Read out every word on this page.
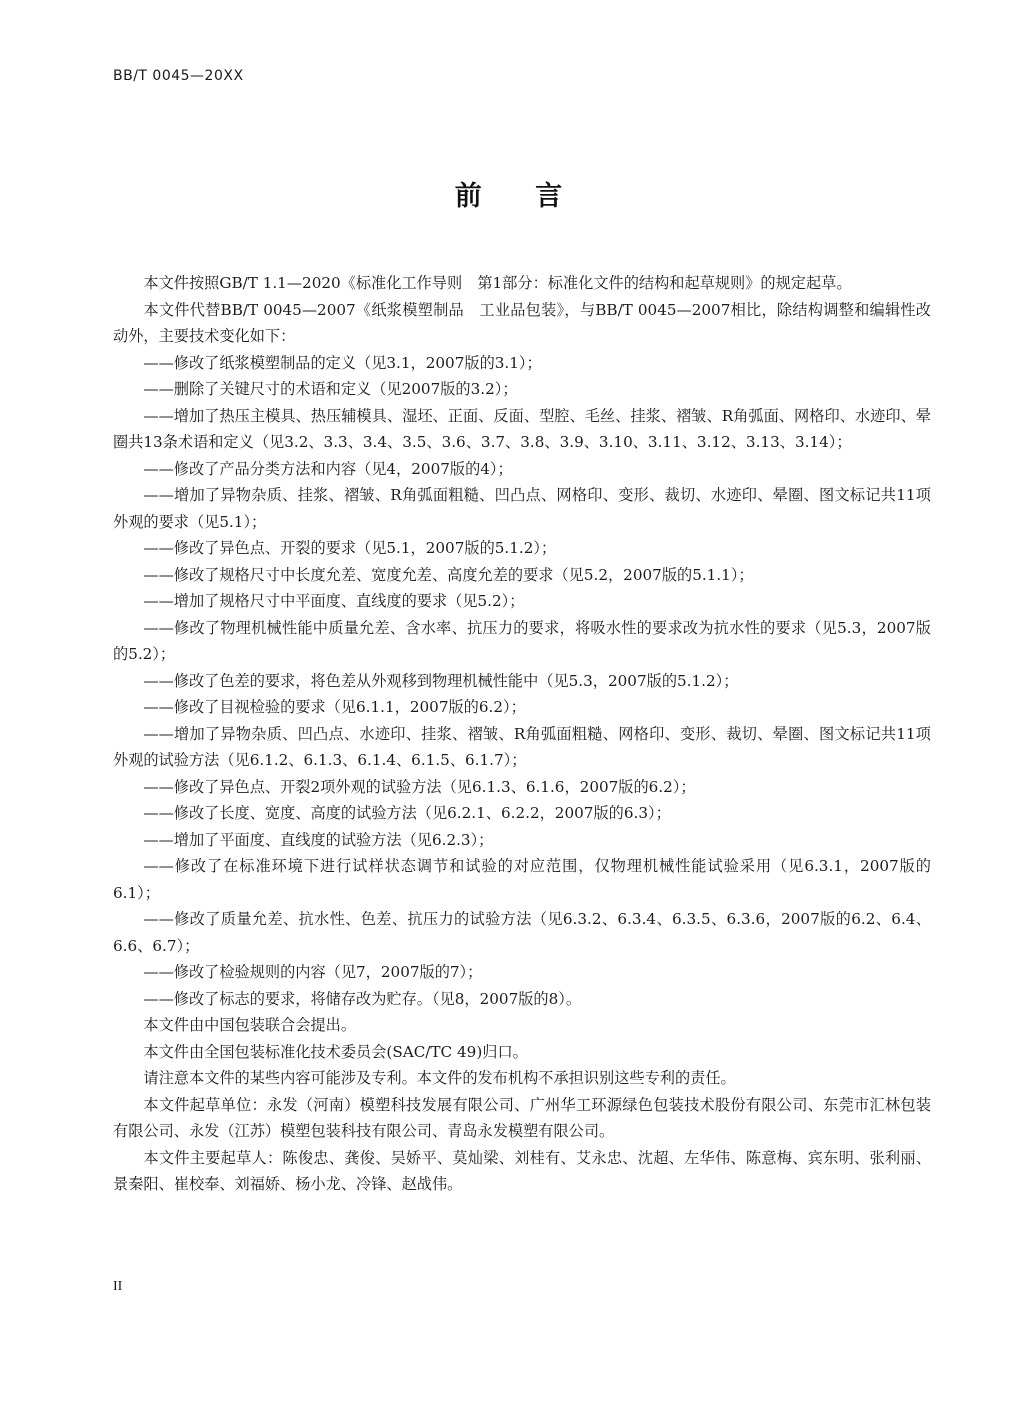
BB/T 0045—20XX
前 言

本文件按照GB/T 1.1—2020《标准化工作导则　第1部分：标准化文件的结构和起草规则》的规定起草。

本文件代替BB/T 0045—2007《纸浆模塑制品　工业品包装》，与BB/T 0045—2007相比，除结构调整和编辑性改动外，主要技术变化如下：

——修改了纸浆模塑制品的定义（见3.1，2007版的3.1）；

——删除了关键尺寸的术语和定义（见2007版的3.2）；

——增加了热压主模具、热压辅模具、湿坯、正面、反面、型腔、毛丝、挂浆、褶皱、R角弧面、网格印、水迹印、晕圈共13条术语和定义（见3.2、3.3、3.4、3.5、3.6、3.7、3.8、3.9、3.10、3.11、3.12、3.13、3.14）；

——修改了产品分类方法和内容（见4，2007版的4）；

——增加了异物杂质、挂浆、褶皱、R角弧面粗糙、凹凸点、网格印、变形、裁切、水迹印、晕圈、图文标记共11项外观的要求（见5.1）；

——修改了异色点、开裂的要求（见5.1，2007版的5.1.2）；

——修改了规格尺寸中长度允差、宽度允差、高度允差的要求（见5.2，2007版的5.1.1）；

——增加了规格尺寸中平面度、直线度的要求（见5.2）；

——修改了物理机械性能中质量允差、含水率、抗压力的要求，将吸水性的要求改为抗水性的要求（见5.3，2007版的5.2）；

——修改了色差的要求，将色差从外观移到物理机械性能中（见5.3，2007版的5.1.2）；

——修改了目视检验的要求（见6.1.1，2007版的6.2）；

——增加了异物杂质、凹凸点、水迹印、挂浆、褶皱、R角弧面粗糙、网格印、变形、裁切、晕圈、图文标记共11项外观的试验方法（见6.1.2、6.1.3、6.1.4、6.1.5、6.1.7）；

——修改了异色点、开裂2项外观的试验方法（见6.1.3、6.1.6，2007版的6.2）；

——修改了长度、宽度、高度的试验方法（见6.2.1、6.2.2，2007版的6.3）；

——增加了平面度、直线度的试验方法（见6.2.3）；

——修改了在标准环境下进行试样状态调节和试验的对应范围，仅物理机械性能试验采用（见6.3.1，2007版的6.1）；

——修改了质量允差、抗水性、色差、抗压力的试验方法（见6.3.2、6.3.4、6.3.5、6.3.6，2007版的6.2、6.4、6.6、6.7）；

——修改了检验规则的内容（见7，2007版的7）；

——修改了标志的要求，将储存改为贮存。（见8，2007版的8）。

本文件由中国包装联合会提出。

本文件由全国包装标准化技术委员会(SAC/TC 49)归口。

请注意本文件的某些内容可能涉及专利。本文件的发布机构不承担识别这些专利的责任。

本文件起草单位：永发（河南）模塑科技发展有限公司、广州华工环源绿色包装技术股份有限公司、东莞市汇林包装有限公司、永发（江苏）模塑包装科技有限公司、青岛永发模塑有限公司。

本文件主要起草人：陈俊忠、龚俊、吴娇平、莫灿梁、刘桂有、艾永忠、沈超、左华伟、陈意梅、宾东明、张利丽、景秦阳、崔校奉、刘福娇、杨小龙、冷锋、赵战伟。

II
